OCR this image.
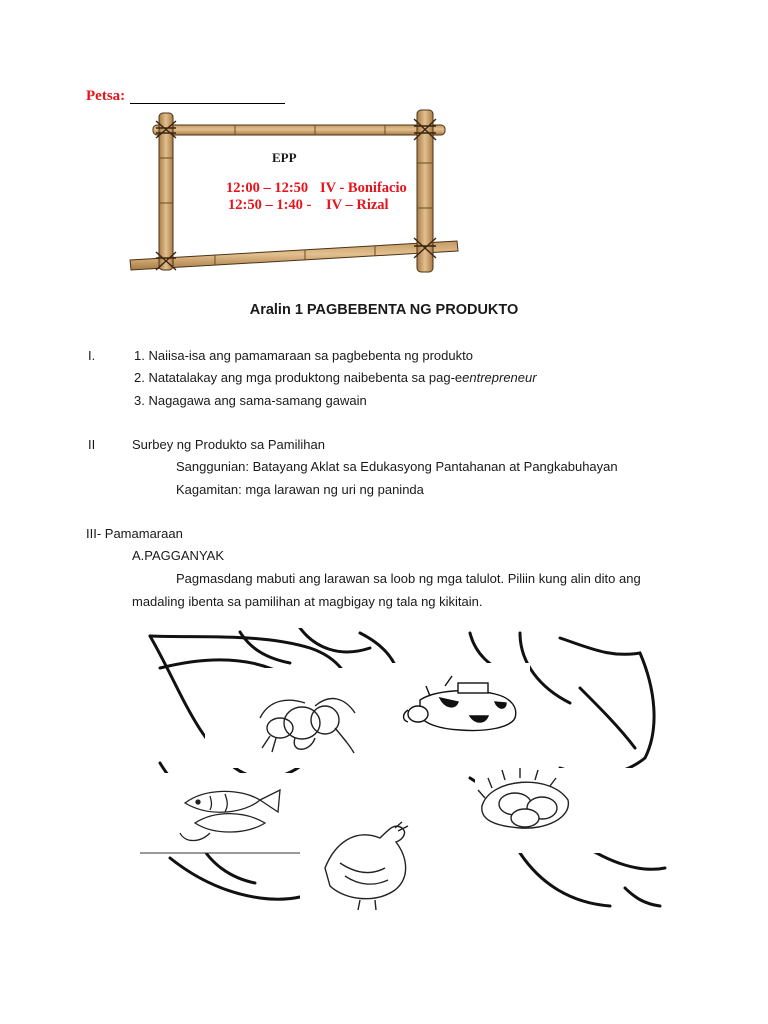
Petsa:
EPP
12:00 – 12:50 IV - Bonifacio
12:50 – 1:40 - IV – Rizal
Aralin 1 PAGBEBENTA NG PRODUKTO
I.	1. Naiisa-isa ang pamamaraan sa pagbebenta ng produkto
2. Natatalakay ang mga produktong naibebenta sa pag-eentrepreneur
3. Nagagawa ang sama-samang gawain
II	Surbey ng Produkto sa Pamilihan
Sanggunian: Batayang Aklat sa Edukasyong Pantahanan at Pangkabuhayan
Kagamitan: mga larawan ng uri ng paninda
III- Pamamaraan
A.PAGGANYAK
Pagmasdang mabuti ang larawan sa loob ng mga talulot. Piliin kung alin dito ang
madaling ibenta sa pamilihan at magbigay ng tala ng kikitain.
